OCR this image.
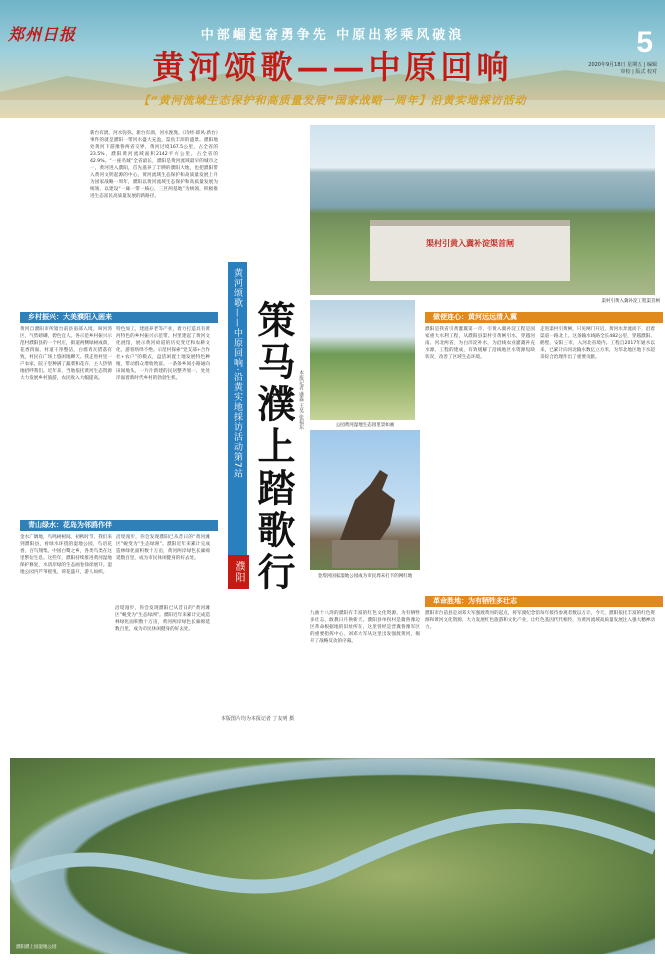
郑州日报	中部崛起奋勇争先 中原出彩乘风破浪
黄河颂歌——中原回响
【“黄河流域生态保护和高质量发展”国家战略一周年】沿黄实地採访活动
5
2020年9月18日 星期五 | 编辑 审校 | 版式 校对
新台有泚，河水弥弥。新台有酒，河水浼浼。《诗经·邶风·新台》事件的就是濮阳一带河水盛大充盈，渠鱼丰沛的盛景。濮阳地处黄河下游豫鲁两省交界，黄河过境167.5公里，占全省的23.5%，濮阳黄河流域面积2142平方公里，占全省的42.9%。“一座名城”全省最长，濮阳是黄河流域最早的城市之一，黄河进入濮阳，首先滋养了丰腴的濮阳大地，也把濮阳带入黄河文明起源的中心。黄河流域生态保护和高质量发展上升为国家战略一周年，濮阳以黄河流域生态保护和高质量发展为统领，以建设“一廊一带一核心，三区两基地”为统领，积极推进生态富民高质量发展的新路径。
渠村引黄入冀补淀渠首闸
渠村引黄入冀补淀工程渠首闸
黄河颂歌——中原回响·沿黄实地採访活动第7站
濮阳 策马濮上踏歌行 本报记者 盛淼 王昊 张福东
乡村振兴：大美濮阳入画来
黄河自濮阳市所辖台前县南部入境，叫河湾区，气势磅礴，碧色宜人。各示范乡村振兴示范村濮阳县的一个村庄，街道两侧绿树成荫，花香四溢，村道干净整洁，白墙青瓦错落有致，村民在广场上悠闲地聊天。我走进村里一户农家，院子里种满了蔬菜和花卉，主人热情地招呼我们。近年来，当地依托黄河生态资源大力发展乡村旅游，农民收入大幅提高。
特色加工，建庭养老等产业，着力打造具有黄河特色的乡村振兴示范带。村里建起了黄河文化展馆，展示黄河故道的历史变迁和农耕文化，游客络绎不绝。示范村探索“党支部+合作社+农户”的模式，盘活闲置土地发展特色种植，带动群众增收致富。一条条乡间小路通向田间地头，一片片新建的民居整齐划一，处处洋溢着新时代乡村的勃勃生机。
公园黄河湿地生态园里景如画
青山绿水：花岛为邻鸥作伴
金水广阔地，鸟鸣树树间。初秋时节，我们来到濮阳县，看绿水环绕的湿地公园，鸟语花香，百鸟翔集。中国白鹭之乡，各类鸟类在这里繁衍生息。这些年，濮阳持续推进黄河湿地保护修复，水清岸绿的生态画卷徐徐展开。湿地公园内芦苇摇曳，荷花盛开，游人如织。
沿堤漫步，你会发现濮阳已从昔日的“黄河滩区”蜕变为“生态绿洲”。濮阳近年来累计完成造林绿化面积数十万亩，黄河两岸绿色长廊绵延数百里，成为市民休闲健身的好去处。
金堤河国家湿地公园成为市民周末打卡的网红地
做便连心：黄河远远清入冀
濮阳是我省引黄灌溉第一市，引黄入冀补淀工程是国家重大水利工程，从濮阳县渠村引黄闸引水，穿越河南、河北两省，为白洋淀补水，为沿线农业灌溉补充水源。工程的建成，有效缓解了沿线地区水资源短缺状况，改善了区域生态环境。
走进渠村引黄闸，只见闸门开启，黄河水奔流而下，沿着渠道一路北上。这条输水线路全长482公里，穿越濮阳、鹤壁、安阳三市，入河北省境内。工程自2017年通水以来，已累计向河北输水数亿立方米，为华北地区地下水超采综合治理作出了重要贡献。
革命胜地：为有牺牲多壮志
九曲十八湾的濮阳有丰富的红色文化资源，为有牺牲多壮志，敢教日月换新天。濮阳县单拐村是冀鲁豫边区革命根据地的旧址所在，这里曾经是晋冀鲁豫军区的重要指挥中心，刘邓大军从这里出发强渡黄河，揭开了战略反攻的序幕。
濮阳市台前县是刘邓大军强渡黄河的起点，将军渡纪念馆每年接待参观者数以万计。今天，濮阳依托丰富的红色资源和黄河文化资源，大力发展红色旅游和文化产业，让红色基因代代相传，为黄河流域高质量发展注入强大精神动力。
沿堤漫步，你会发现濮阳已从昔日的“黄河滩区”蜕变为“生态绿洲”。濮阳近年来累计完成造林绿化面积数十万亩，黄河两岸绿色长廊绵延数百里，成为市民休闲健身的好去处。
本版图片均为本报记者 丁友明 摄
濮阳濮上园湿地公园
